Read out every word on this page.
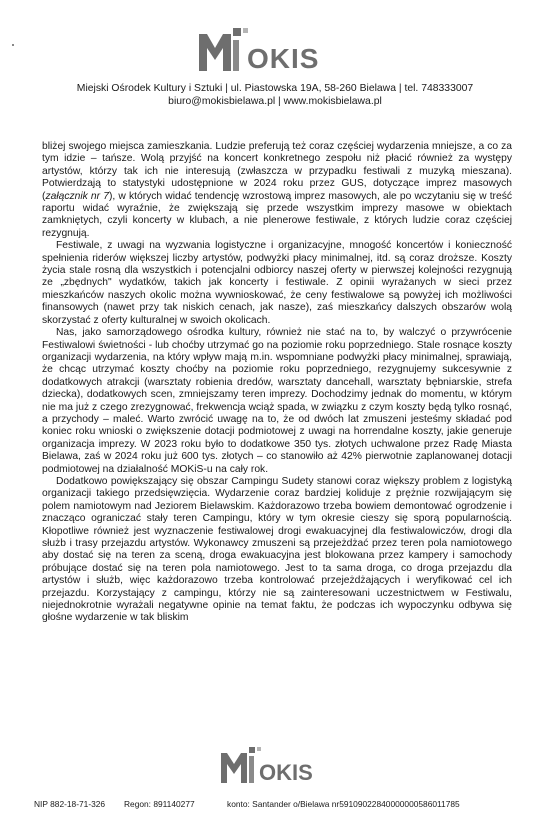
OKIS
Miejski Ośrodek Kultury i Sztuki | ul. Piastowska 19A, 58-260 Bielawa | tel. 748333007
biuro@mokisbielawa.pl | www.mokisbielawa.pl

bliżej swojego miejsca zamieszkania. Ludzie preferują też coraz częściej wydarzenia mniejsze, a co za tym idzie – tańsze. Wolą przyjść na koncert konkretnego zespołu niż płacić również za występy artystów, którzy tak ich nie interesują (zwłaszcza w przypadku festiwali z muzyką mieszana). Potwierdzają to statystyki udostępnione w 2024 roku przez GUS, dotyczące imprez masowych (załącznik nr 7), w których widać tendencję wzrostową imprez masowych, ale po wczytaniu się w treść raportu widać wyraźnie, że zwiększają się przede wszystkim imprezy masowe w obiektach zamkniętych, czyli koncerty w klubach, a nie plenerowe festiwale, z których ludzie coraz częściej rezygnują.

Festiwale, z uwagi na wyzwania logistyczne i organizacyjne, mnogość koncertów i konieczność spełnienia riderów większej liczby artystów, podwyżki płacy minimalnej, itd. są coraz droższe. Koszty życia stale rosną dla wszystkich i potencjalni odbiorcy naszej oferty w pierwszej kolejności rezygnują ze „zbędnych" wydatków, takich jak koncerty i festiwale. Z opinii wyrażanych w sieci przez mieszkańców naszych okolic można wywnioskować, że ceny festiwalowe są powyżej ich możliwości finansowych (nawet przy tak niskich cenach, jak nasze), zaś mieszkańcy dalszych obszarów wolą skorzystać z oferty kulturalnej w swoich okolicach.

Nas, jako samorządowego ośrodka kultury, również nie stać na to, by walczyć o przywrócenie Festiwalowi świetności - lub choćby utrzymać go na poziomie roku poprzedniego. Stale rosnące koszty organizacji wydarzenia, na który wpływ mają m.in. wspomniane podwyżki płacy minimalnej, sprawiają, że chcąc utrzymać koszty choćby na poziomie roku poprzedniego, rezygnujemy sukcesywnie z dodatkowych atrakcji (warsztaty robienia dredów, warsztaty dancehall, warsztaty bębniarskie, strefa dziecka), dodatkowych scen, zmniejszamy teren imprezy. Dochodzimy jednak do momentu, w którym nie ma już z czego zrezygnować, frekwencja wciąż spada, w związku z czym koszty będą tylko rosnąć, a przychody – maleć. Warto zwrócić uwagę na to, że od dwóch lat zmuszeni jesteśmy składać pod koniec roku wnioski o zwiększenie dotacji podmiotowej z uwagi na horrendalne koszty, jakie generuje organizacja imprezy. W 2023 roku było to dodatkowe 350 tys. złotych uchwalone przez Radę Miasta Bielawa, zaś w 2024 roku już 600 tys. złotych – co stanowiło aż 42% pierwotnie zaplanowanej dotacji podmiotowej na działalność MOKiS-u na cały rok.

Dodatkowo powiększający się obszar Campingu Sudety stanowi coraz większy problem z logistyką organizacji takiego przedsięwzięcia. Wydarzenie coraz bardziej koliduje z prężnie rozwijającym się polem namiotowym nad Jeziorem Bielawskim. Każdorazowo trzeba bowiem demontować ogrodzenie i znacząco ograniczać stały teren Campingu, który w tym okresie cieszy się sporą popularnością. Kłopotliwe również jest wyznaczenie festiwalowej drogi ewakuacyjnej dla festiwalowiczów, drogi dla służb i trasy przejazdu artystów. Wykonawcy zmuszeni są przejeżdżać przez teren pola namiotowego aby dostać się na teren za sceną, droga ewakuacyjna jest blokowana przez kampery i samochody próbujące dostać się na teren pola namiotowego. Jest to ta sama droga, co droga przejazdu dla artystów i służb, więc każdorazowo trzeba kontrolować przejeżdżających i weryfikować cel ich przejazdu. Korzystający z campingu, którzy nie są zainteresowani uczestnictwem w Festiwalu, niejednokrotnie wyrażali negatywne opinie na temat faktu, że podczas ich wypoczynku odbywa się głośne wydarzenie w tak bliskim

OKIS
NIP 882-18-71-326 Regon: 891140277	konto: Santander o/Bielawa nr59109022840000000586011785
